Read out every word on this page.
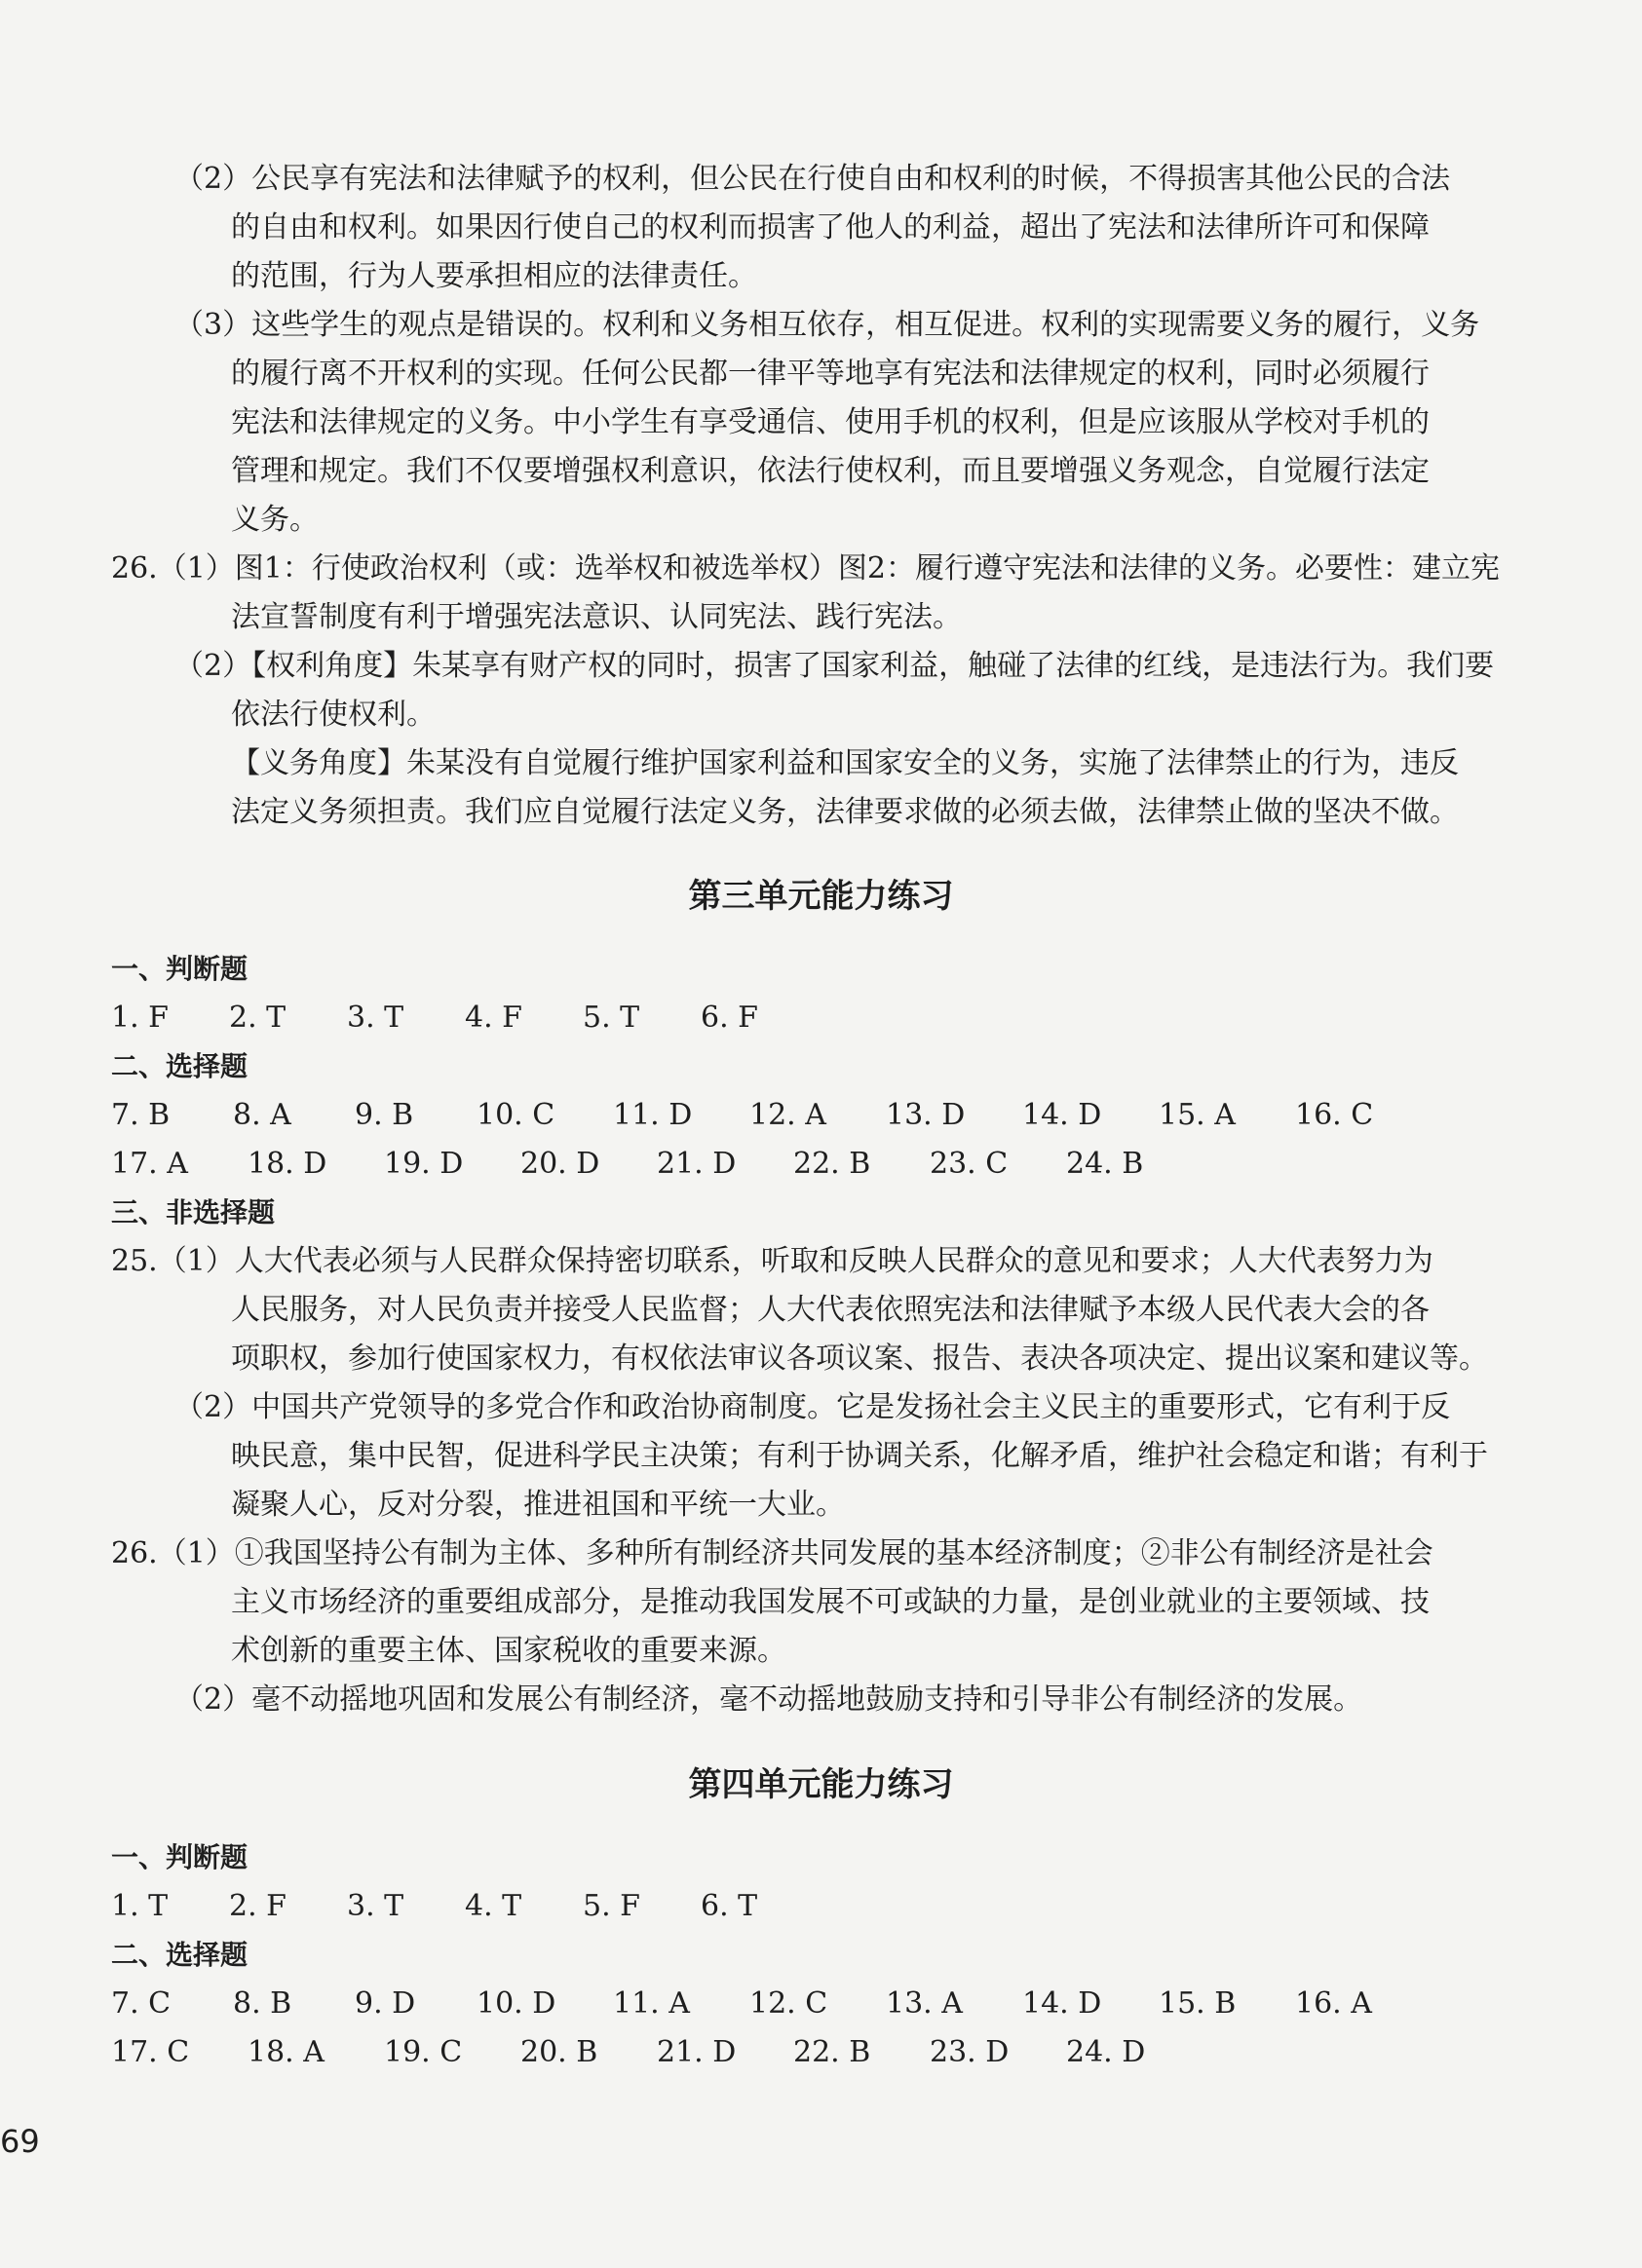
（2）公民享有宪法和法律赋予的权利，但公民在行使自由和权利的时候，不得损害其他公民的合法
的自由和权利。如果因行使自己的权利而损害了他人的利益，超出了宪法和法律所许可和保障
的范围，行为人要承担相应的法律责任。
（3）这些学生的观点是错误的。权利和义务相互依存，相互促进。权利的实现需要义务的履行，义务
的履行离不开权利的实现。任何公民都一律平等地享有宪法和法律规定的权利，同时必须履行
宪法和法律规定的义务。中小学生有享受通信、使用手机的权利，但是应该服从学校对手机的
管理和规定。我们不仅要增强权利意识，依法行使权利，而且要增强义务观念，自觉履行法定
义务。
26.（1）图1：行使政治权利（或：选举权和被选举权）图2：履行遵守宪法和法律的义务。必要性：建立宪
法宣誓制度有利于增强宪法意识、认同宪法、践行宪法。
（2）【权利角度】朱某享有财产权的同时，损害了国家利益，触碰了法律的红线，是违法行为。我们要
依法行使权利。
【义务角度】朱某没有自觉履行维护国家利益和国家安全的义务，实施了法律禁止的行为，违反
法定义务须担责。我们应自觉履行法定义务，法律要求做的必须去做，法律禁止做的坚决不做。
第三单元能力练习
一、判断题
1. F 2. T 3. T 4. F 5. T 6. F
二、选择题
7. B 8. A 9. B 10. C 11. D 12. A 13. D 14. D 15. A 16. C
17. A 18. D 19. D 20. D 21. D 22. B 23. C 24. B
三、非选择题
25.（1）人大代表必须与人民群众保持密切联系，听取和反映人民群众的意见和要求；人大代表努力为
人民服务，对人民负责并接受人民监督；人大代表依照宪法和法律赋予本级人民代表大会的各
项职权，参加行使国家权力，有权依法审议各项议案、报告、表决各项决定、提出议案和建议等。
（2）中国共产党领导的多党合作和政治协商制度。它是发扬社会主义民主的重要形式，它有利于反
映民意，集中民智，促进科学民主决策；有利于协调关系，化解矛盾，维护社会稳定和谐；有利于
凝聚人心，反对分裂，推进祖国和平统一大业。
26.（1）①我国坚持公有制为主体、多种所有制经济共同发展的基本经济制度；②非公有制经济是社会
主义市场经济的重要组成部分，是推动我国发展不可或缺的力量，是创业就业的主要领域、技
术创新的重要主体、国家税收的重要来源。
（2）毫不动摇地巩固和发展公有制经济，毫不动摇地鼓励支持和引导非公有制经济的发展。
第四单元能力练习
一、判断题
1. T 2. F 3. T 4. T 5. F 6. T
二、选择题
7. C 8. B 9. D 10. D 11. A 12. C 13. A 14. D 15. B 16. A
17. C 18. A 19. C 20. B 21. D 22. B 23. D 24. D
69
